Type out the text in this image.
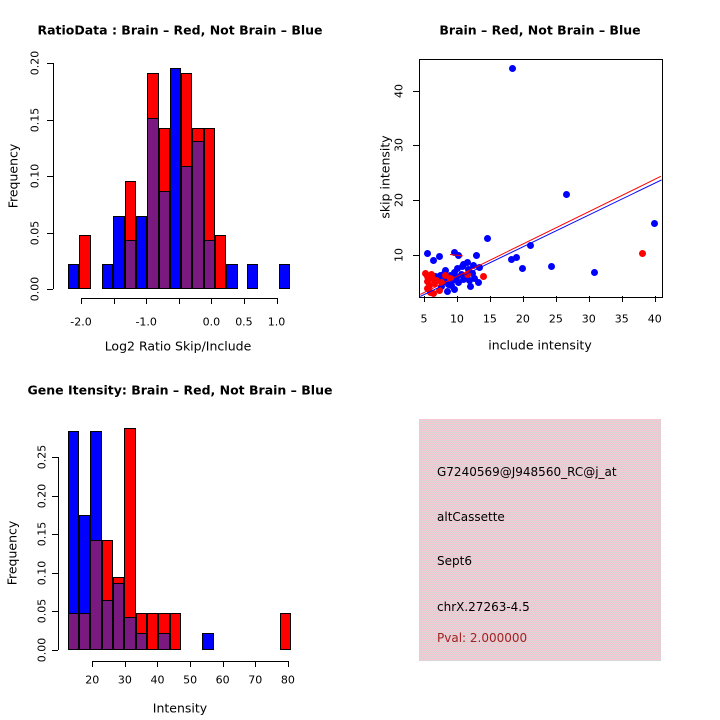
RatioData : Brain – Red, Not Brain – Blue
Log2 Ratio Skip/Include
Frequency
Brain – Red, Not Brain – Blue
include intensity
skip intensity
Gene Itensity: Brain – Red, Not Brain – Blue
Intensity
Frequency
-2.0	-1.0	0.0 0.5 1.0
0.00
0.05
0.10
0.15
0.20
5 10 15 20 25 30 35 40
10
20
30
40
20 30 40 50 60 70 80
0.00
0.05
0.10
0.15
0.20
0.25
G7240569@J948560_RC@j_at
altCassette
Sept6
chrX.27263-4.5
Pval: 2.000000
